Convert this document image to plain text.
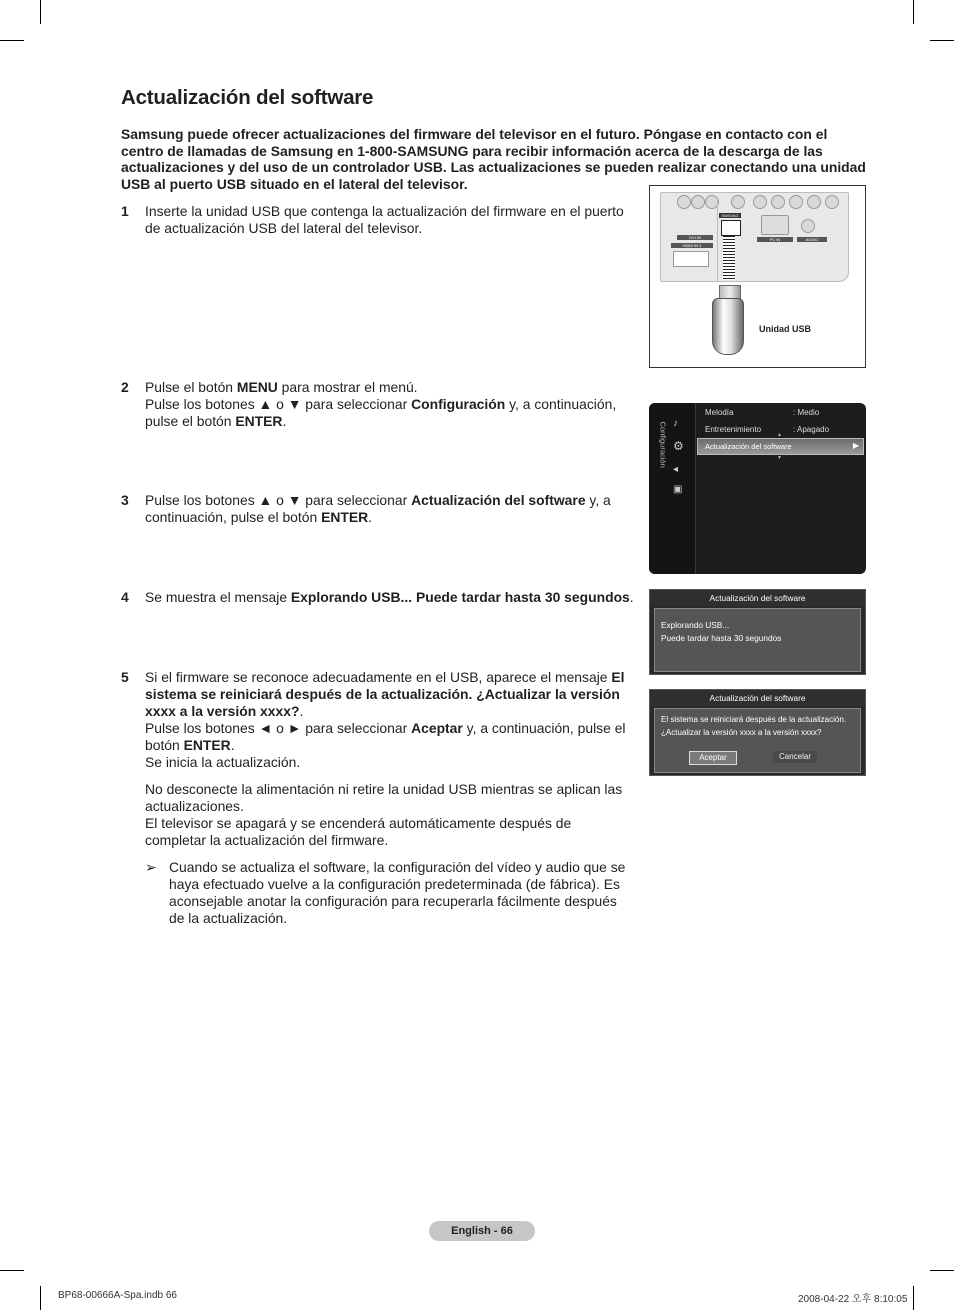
Actualización del software

Samsung puede ofrecer actualizaciones del firmware del televisor en el futuro. Póngase en contacto con el centro de llamadas de Samsung en 1-800-SAMSUNG para recibir información acerca de la descarga de las actualizaciones y del uso de un controlador USB. Las actualizaciones se pueden realizar conectando una unidad USB al puerto USB situado en el lateral del televisor.

1 Inserte la unidad USB que contenga la actualización del firmware en el puerto de actualización USB del lateral del televisor.
2 Pulse el botón MENU para mostrar el menú.

Pulse los botones ▲ o ▼ para seleccionar Configuración y, a continuación, pulse el botón ENTER.

3 Pulse los botones ▲ o ▼ para seleccionar Actualización del software y, a continuación, pulse el botón ENTER.
4 Se muestra el mensaje Explorando USB... Puede tardar hasta 30 segundos.
5 Si el firmware se reconoce adecuadamente en el USB, aparece el mensaje El sistema se reiniciará después de la actualización. ¿Actualizar la versión xxxx a la versión xxxx?.

Pulse los botones ◄ o ► para seleccionar Aceptar y, a continuación, pulse el botón ENTER.

Se inicia la actualización.

No desconecte la alimentación ni retire la unidad USB mientras se aplican las actualizaciones.

El televisor se apagará y se encenderá automáticamente después de completar la actualización del firmware.

➢ Cuando se actualiza el software, la configuración del vídeo y audio que se haya efectuado vuelve a la configuración predeterminada (de fábrica). Es aconsejable anotar la configuración para recuperarla fácilmente después de la actualización.
DVI IN
HDMI IN 3
SW/DIAG
PC IN	AUDIO
Unidad USB
Configuración ♪
⚙
◂
▣
Melodía	: Medio
Entretenimiento	: Apagado
▲
Actualización del software	▶
▼
Actualización del software
Explorando USB...
Puede tardar hasta 30 segundos
Actualización del software
El sistema se reiniciará después de la actualización.
¿Actualizar la versión xxxx a la versión xxxx?
Aceptar	Cancelar
English - 66
BP68-00666A-Spa.indb 66	2008-04-22 오후 8:10:05
